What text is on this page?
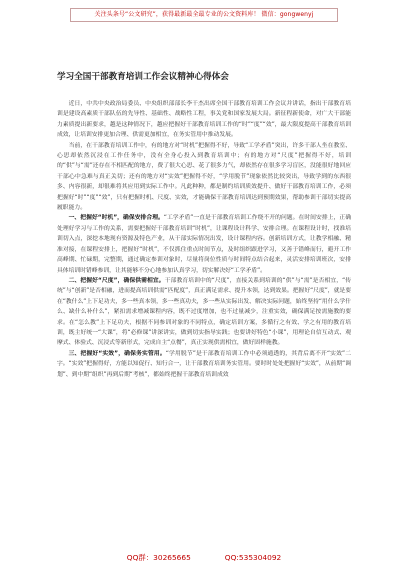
关注头条号“公文研究”，获得最新最全最专业的公文资料库！ 微信：gongwenyj
学习全国干部教育培训工作会议精神心得体会

近日，中共中央政治局委员、中央组织部部长李干杰出席全国干部教育培训工作会议并讲话，指出干部教育培训是建设高素质干部队伍的先导性、基础性、战略性工程，事关党和国家发展大局。新征程新使命，对广大干部能力素质提出新要求，越是这种情况下，越应把握好干部教育培训工作的“时”“度”“效”，最大限度提高干部教育培训成效，让培训安排更加合理、供需更加相宜，在务实管用中推动发展。

当前，在干部教育培训工作中，有的地方对“时机”把握得不好，导致“工学矛盾”突出，许多干部人坐在教室、心思却依然沉浸在工作任务中，没有全身心投入到教育培训中；有的地方对“尺度”把握得不好，培训的“供”与“需”还存在不相匹配的地方，费了很大心思、花了很多力气，却依然存在很多学习盲区，没能很好地回应干部心中急难与真正关切；还有的地方对“实效”把握得不好，“学用脱节”现象依然比较突出，导致学到的东西很多、内容很新，却很难将其应用到实际工作中。凡此种种，都是制约培训质效提升、做好干部教育培训工作，必须把握好“时”“度”“效”，只有把握时机、尺度、实效，才能确保干部教育培训达到预期效果，帮助参训干部切实提高履职能力。

一、把握好“时机”，确保安排合理。“工学矛盾”一直是干部教育培训工作绕不开的问题。在时间安排上，正确处理好学习与工作的关系，需要把握好干部教育培训“时机”，让课程设计科学、安排合理。在课程设计时，找准培训切入点，深挖本地现有资源及特色产业，从干部实际情况出发，设计课程内容。创新培训方式，让教学相融、精准对接，在课程安排上，把握好“时机”，不仅抓住重点时间节点，及时组织跟进学习，又善于错峰而行，避开工作高峰期、忙碌期，完整期，通过确定参训对象时，尽量将岗位性质与时间特点结合起来，灵活安排培训班次，安排具体培训时错峰参训，让其能够不分心地参加认真学习，切实解决好“工学矛盾”。

二、把握好“尺度”，确保供需相宜。干部教育培训中的“尺度”，直接关系到培训的“供”与“需”是否相宜，“传统”与“创新”是否相融，进而提高培训供需“匹配度”，真正满足需求、提升本领，达到效果。把握好“尺度”，就是要在“教什么”上下足功夫，多一些真本领，多一些真功夫，多一些从实际出发、解决实际问题，始终坚持“用什么学什么、缺什么补什么”，紧扣需求增减课程内容，既不过度增加，也不过量减少，注重实效，确保满足按需施教的要求。在“怎么教”上下足功夫，根据不同参训对象的不同特点，确定培训方案，多循行之有效、学之有用的教育培训，既主好统一“大课”，将“必修课”讲深讲实，做到切实指导实践；也要讲好特色“小课”，用理论自信互动式、观摩式、体验式、沉浸式等新形式，完成自主“点餐”，真正实现供需相宜，做好固样施教。

三、把握好“实效”，确保务实管用。“学用脱节”是干部教育培训工作中必须通透的，其背后离不开“实效”二字。“实效”把握得好，方能以知促行、知行合一，让干部教育培训务实管用。要时时处处把握好“实效”，从前期“调划”、到中期“组织”再到后期“考核”，都始终把握干部教育培训成效

QQ群：30265665	QQ:535304092
